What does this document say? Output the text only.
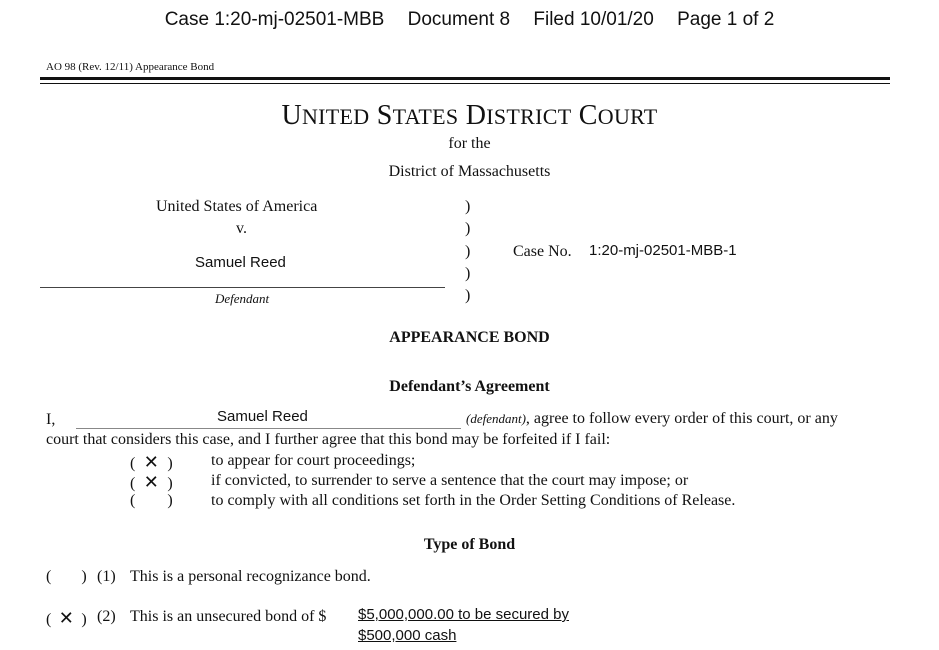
Case 1:20-mj-02501-MBB Document 8 Filed 10/01/20 Page 1 of 2
AO 98 (Rev. 12/11) Appearance Bond
UNITED STATES DISTRICT COURT
for the
District of Massachusetts
United States of America
v.
Samuel Reed
Defendant
)
)
)
)
)
Case No. 1:20-mj-02501-MBB-1
APPEARANCE BOND
Defendant’s Agreement
I,	Samuel Reed	(defendant), agree to follow every order of this court, or any
court that considers this case, and I further agree that this bond may be forfeited if I fail:
( ✕ ) to appear for court proceedings;
( ✕ ) if convicted, to surrender to serve a sentence that the court may impose; or
( ) to comply with all conditions set forth in the Order Setting Conditions of Release.
Type of Bond
( ) (1) This is a personal recognizance bond.
( ✕ ) (2) This is an unsecured bond of $ $5,000,000.00 to be secured by
$500,000 cash
